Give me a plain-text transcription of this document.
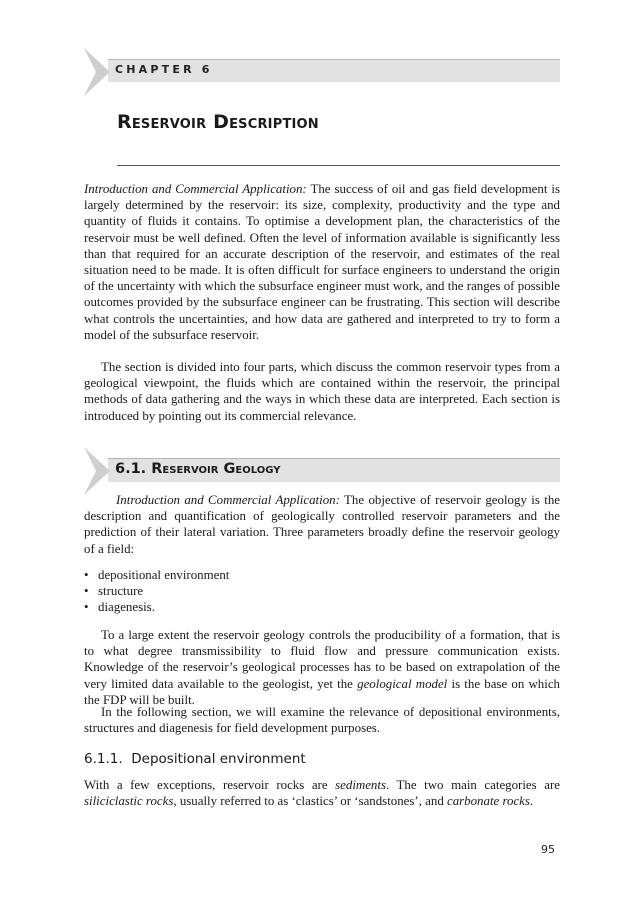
CHAPTER 6
Reservoir Description

Introduction and Commercial Application: The success of oil and gas field development is largely determined by the reservoir: its size, complexity, productivity and the type and quantity of fluids it contains. To optimise a development plan, the characteristics of the reservoir must be well defined. Often the level of information available is significantly less than that required for an accurate description of the reservoir, and estimates of the real situation need to be made. It is often difficult for surface engineers to understand the origin of the uncertainty with which the subsurface engineer must work, and the ranges of possible outcomes provided by the subsurface engineer can be frustrating. This section will describe what controls the uncertainties, and how data are gathered and interpreted to try to form a model of the subsurface reservoir.

The section is divided into four parts, which discuss the common reservoir types from a geological viewpoint, the fluids which are contained within the reservoir, the principal methods of data gathering and the ways in which these data are interpreted. Each section is introduced by pointing out its commercial relevance.

6.1. Reservoir Geology

Introduction and Commercial Application: The objective of reservoir geology is the description and quantification of geologically controlled reservoir parameters and the prediction of their lateral variation. Three parameters broadly define the reservoir geology of a field:

• depositional environment
• structure
• diagenesis.

To a large extent the reservoir geology controls the producibility of a formation, that is to what degree transmissibility to fluid flow and pressure communication exists. Knowledge of the reservoir’s geological processes has to be based on extrapolation of the very limited data available to the geologist, yet the geological model is the base on which the FDP will be built.

In the following section, we will examine the relevance of depositional environments, structures and diagenesis for field development purposes.

6.1.1. Depositional environment

With a few exceptions, reservoir rocks are sediments. The two main categories are siliciclastic rocks, usually referred to as ‘clastics’ or ‘sandstones’, and carbonate rocks.

95
